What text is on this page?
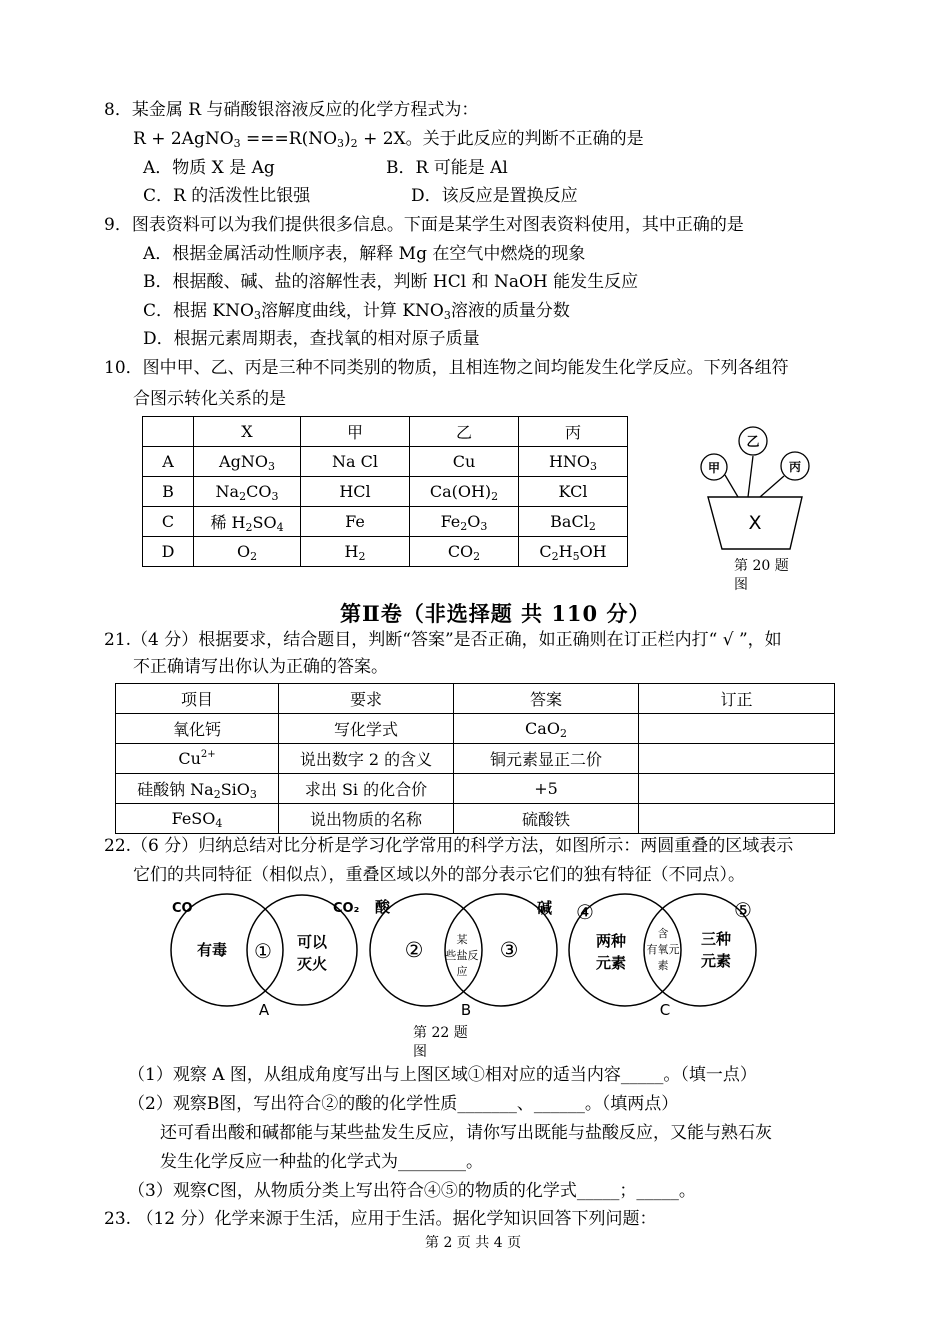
8．某金属 R 与硝酸银溶液反应的化学方程式为：
R + 2AgNO$_3$ $===R(NO_3)_2 + 2X$。关于此反应的判断不正确的是
A．物质 X 是 Ag	B．R 可能是 Al
C．R 的活泼性比银强	D．该反应是置换反应
9．图表资料可以为我们提供很多信息。下面是某学生对图表资料使用，其中正确的是
A．根据金属活动性顺序表，解释 Mg 在空气中燃烧的现象
B．根据酸、碱、盐的溶解性表，判断 HCl 和 NaOH 能发生反应
C．根据 $KNO_3$溶解度曲线，计算 $KNO_3$溶液的质量分数
D．根据元素周期表，查找氧的相对原子质量
10．图中甲、乙、丙是三种不同类别的物质，且相连物之间均能发生化学反应。下列各组符
合图示转化关系的是
	X	甲	乙	丙
A	AgNO$_3$	Na Cl	Cu	$HNO_3$
B	$Na_2CO_3$	HCl	$Ca(OH)_2$	KCl
C	稀 $H_2SO_4$	Fe	$Fe_2O_3$	BaCl$_2$
D	$O_2$	$H_2$	$CO_2$	$C_2H_5OH$
甲
乙
丙
X
第 20 题
图
第Ⅱ卷（非选择题 共 110 分）
21.（4 分）根据要求，结合题目，判断“答案”是否正确，如正确则在订正栏内打“ √ ”，如
不正确请写出你认为正确的答案。
项目	要求	答案	订正
氧化钙	写化学式	CaO$_2$	
$Cu^{2+}$	说出数字 2 的含义	铜元素显正二价	
硅酸钠 $Na_2SiO_3$	求出 Si 的化合价	+5	
FeSO$_4$	说出物质的名称	硫酸铁	
22.（6 分）归纳总结对比分析是学习化学常用的科学方法，如图所示：两圆重叠的区域表示
它们的共同特征（相似点），重叠区域以外的部分表示它们的独有特征（不同点）。
CO	CO₂
有毒 ① 可以
灭火
A
酸	碱
②	某
些盐反
应
③
B
④	⑤
两种
元素
含
有氧元
素
三种
元素
C
第 22 题
图
（1）观察 A 图，从组成角度写出与上图区域①相对应的适当内容_____。（填一点）
（2）观察B图，写出符合②的酸的化学性质_______、______。（填两点）
还可看出酸和碱都能与某些盐发生反应，请你写出既能与盐酸反应，又能与熟石灰
发生化学反应一种盐的化学式为________。
（3）观察C图，从物质分类上写出符合④⑤的物质的化学式_____；_____。
23. （12 分）化学来源于生活，应用于生活。据化学知识回答下列问题：
第 2 页 共 4 页
